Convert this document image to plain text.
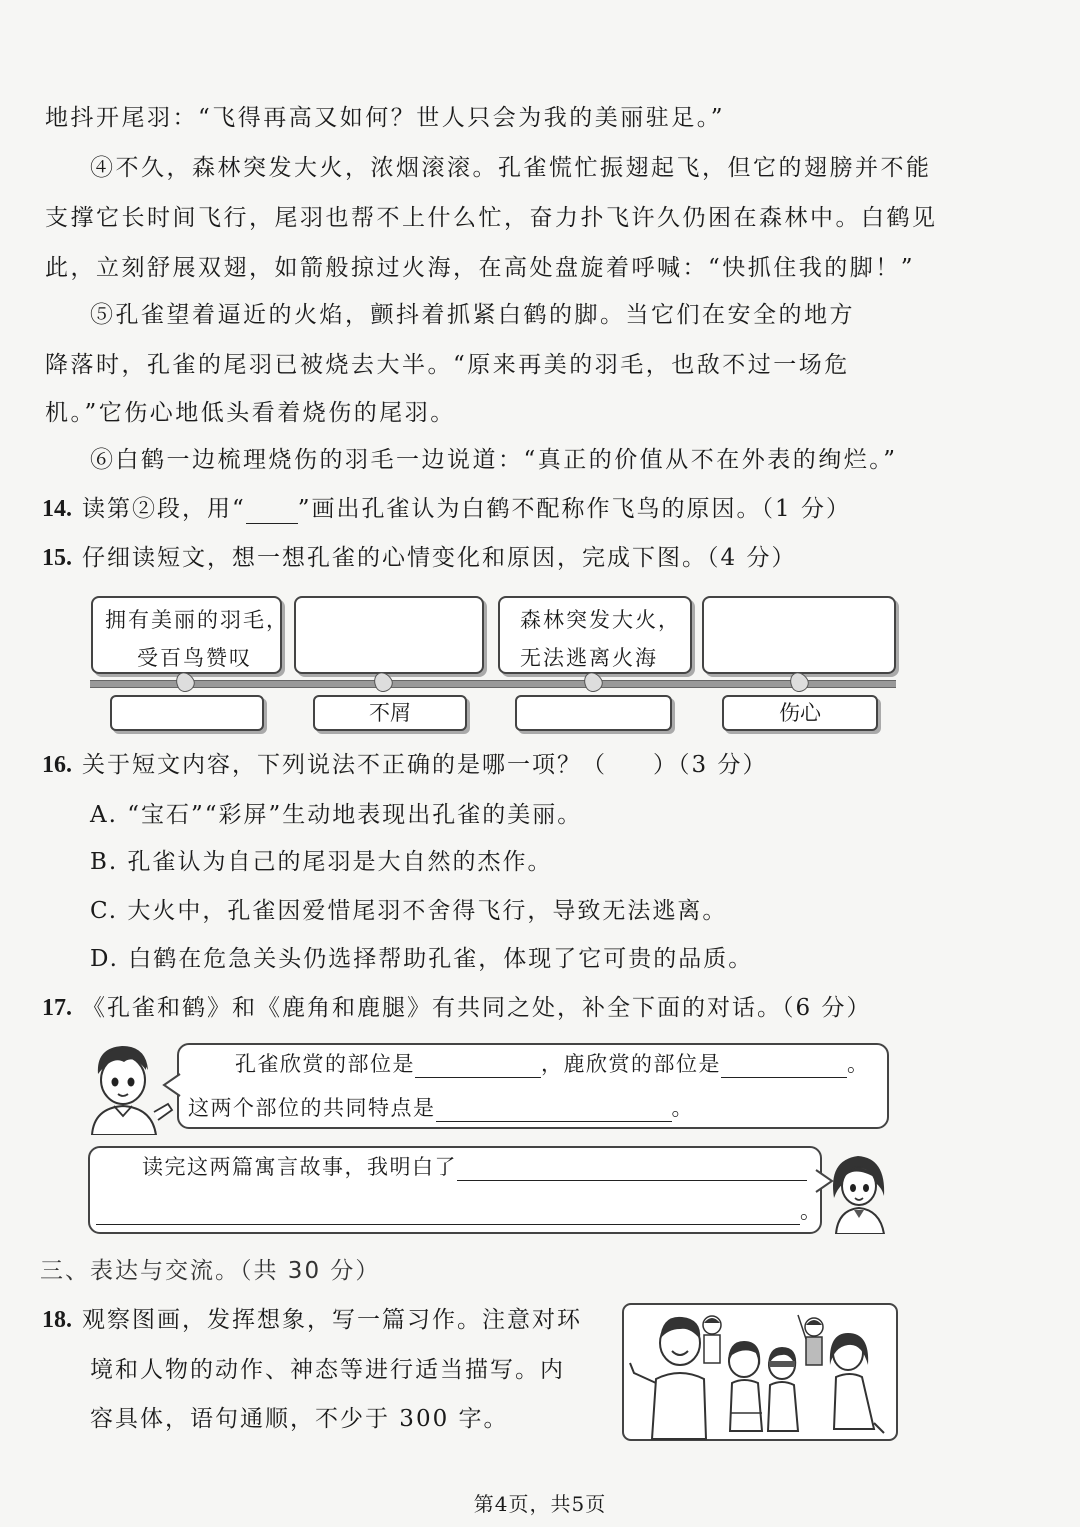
地抖开尾羽：“飞得再高又如何？世人只会为我的美丽驻足。”
④不久，森林突发大火，浓烟滚滚。孔雀慌忙振翅起飞，但它的翅膀并不能
支撑它长时间飞行，尾羽也帮不上什么忙，奋力扑飞许久仍困在森林中。白鹤见
此，立刻舒展双翅，如箭般掠过火海，在高处盘旋着呼喊：“快抓住我的脚！”
⑤孔雀望着逼近的火焰，颤抖着抓紧白鹤的脚。当它们在安全的地方
降落时，孔雀的尾羽已被烧去大半。“原来再美的羽毛，也敌不过一场危
机。”它伤心地低头看着烧伤的尾羽。
⑥白鹤一边梳理烧伤的羽毛一边说道：“真正的价值从不在外表的绚烂。”
14. 读第②段，用“ ”画出孔雀认为白鹤不配称作飞鸟的原因。（1 分）
15. 仔细读短文，想一想孔雀的心情变化和原因，完成下图。（4 分）
拥有美丽的羽毛，
受百鸟赞叹
森林突发大火，
无法逃离火海
不屑	伤心
16. 关于短文内容，下列说法不正确的是哪一项？（ ）（3 分）
A. “宝石”“彩屏”生动地表现出孔雀的美丽。
B. 孔雀认为自己的尾羽是大自然的杰作。
C. 大火中，孔雀因爱惜尾羽不舍得飞行，导致无法逃离。
D. 白鹤在危急关头仍选择帮助孔雀，体现了它可贵的品质。
17. 《孔雀和鹤》和《鹿角和鹿腿》有共同之处，补全下面的对话。（6 分）
孔雀欣赏的部位是	，鹿欣赏的部位是	。
这两个部位的共同特点是	。
读完这两篇寓言故事，我明白了
。
三、表达与交流。（共 30 分）
18. 观察图画，发挥想象，写一篇习作。注意对环
境和人物的动作、神态等进行适当描写。内
容具体，语句通顺，不少于 300 字。
第4页，共5页
